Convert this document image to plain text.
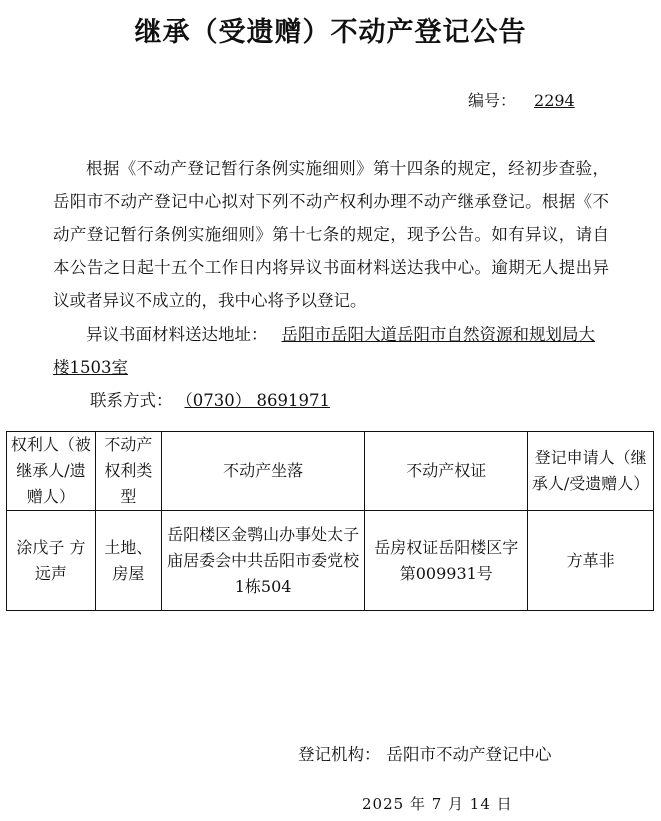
继承（受遗赠）不动产登记公告
编号： 2294
根据《不动产登记暂行条例实施细则》第十四条的规定，经初步查验，岳阳市不动产登记中心拟对下列不动产权利办理不动产继承登记。根据《不动产登记暂行条例实施细则》第十七条的规定，现予公告。如有异议，请自本公告之日起十五个工作日内将异议书面材料送达我中心。逾期无人提出异议或者异议不成立的，我中心将予以登记。
异议书面材料送达地址： 岳阳市岳阳大道岳阳市自然资源和规划局大楼1503室
联系方式： （0730） 8691971
权利人（被继承人/遗赠人）	不动产权利类型	不动产坐落	不动产权证	登记申请人（继承人/受遗赠人）
涂戊子 方远声	土地、房屋	岳阳楼区金鹗山办事处太子庙居委会中共岳阳市委党校1栋504	岳房权证岳阳楼区字第009931号	方革非
登记机构： 岳阳市不动产登记中心
2025 年 7 月 14 日
